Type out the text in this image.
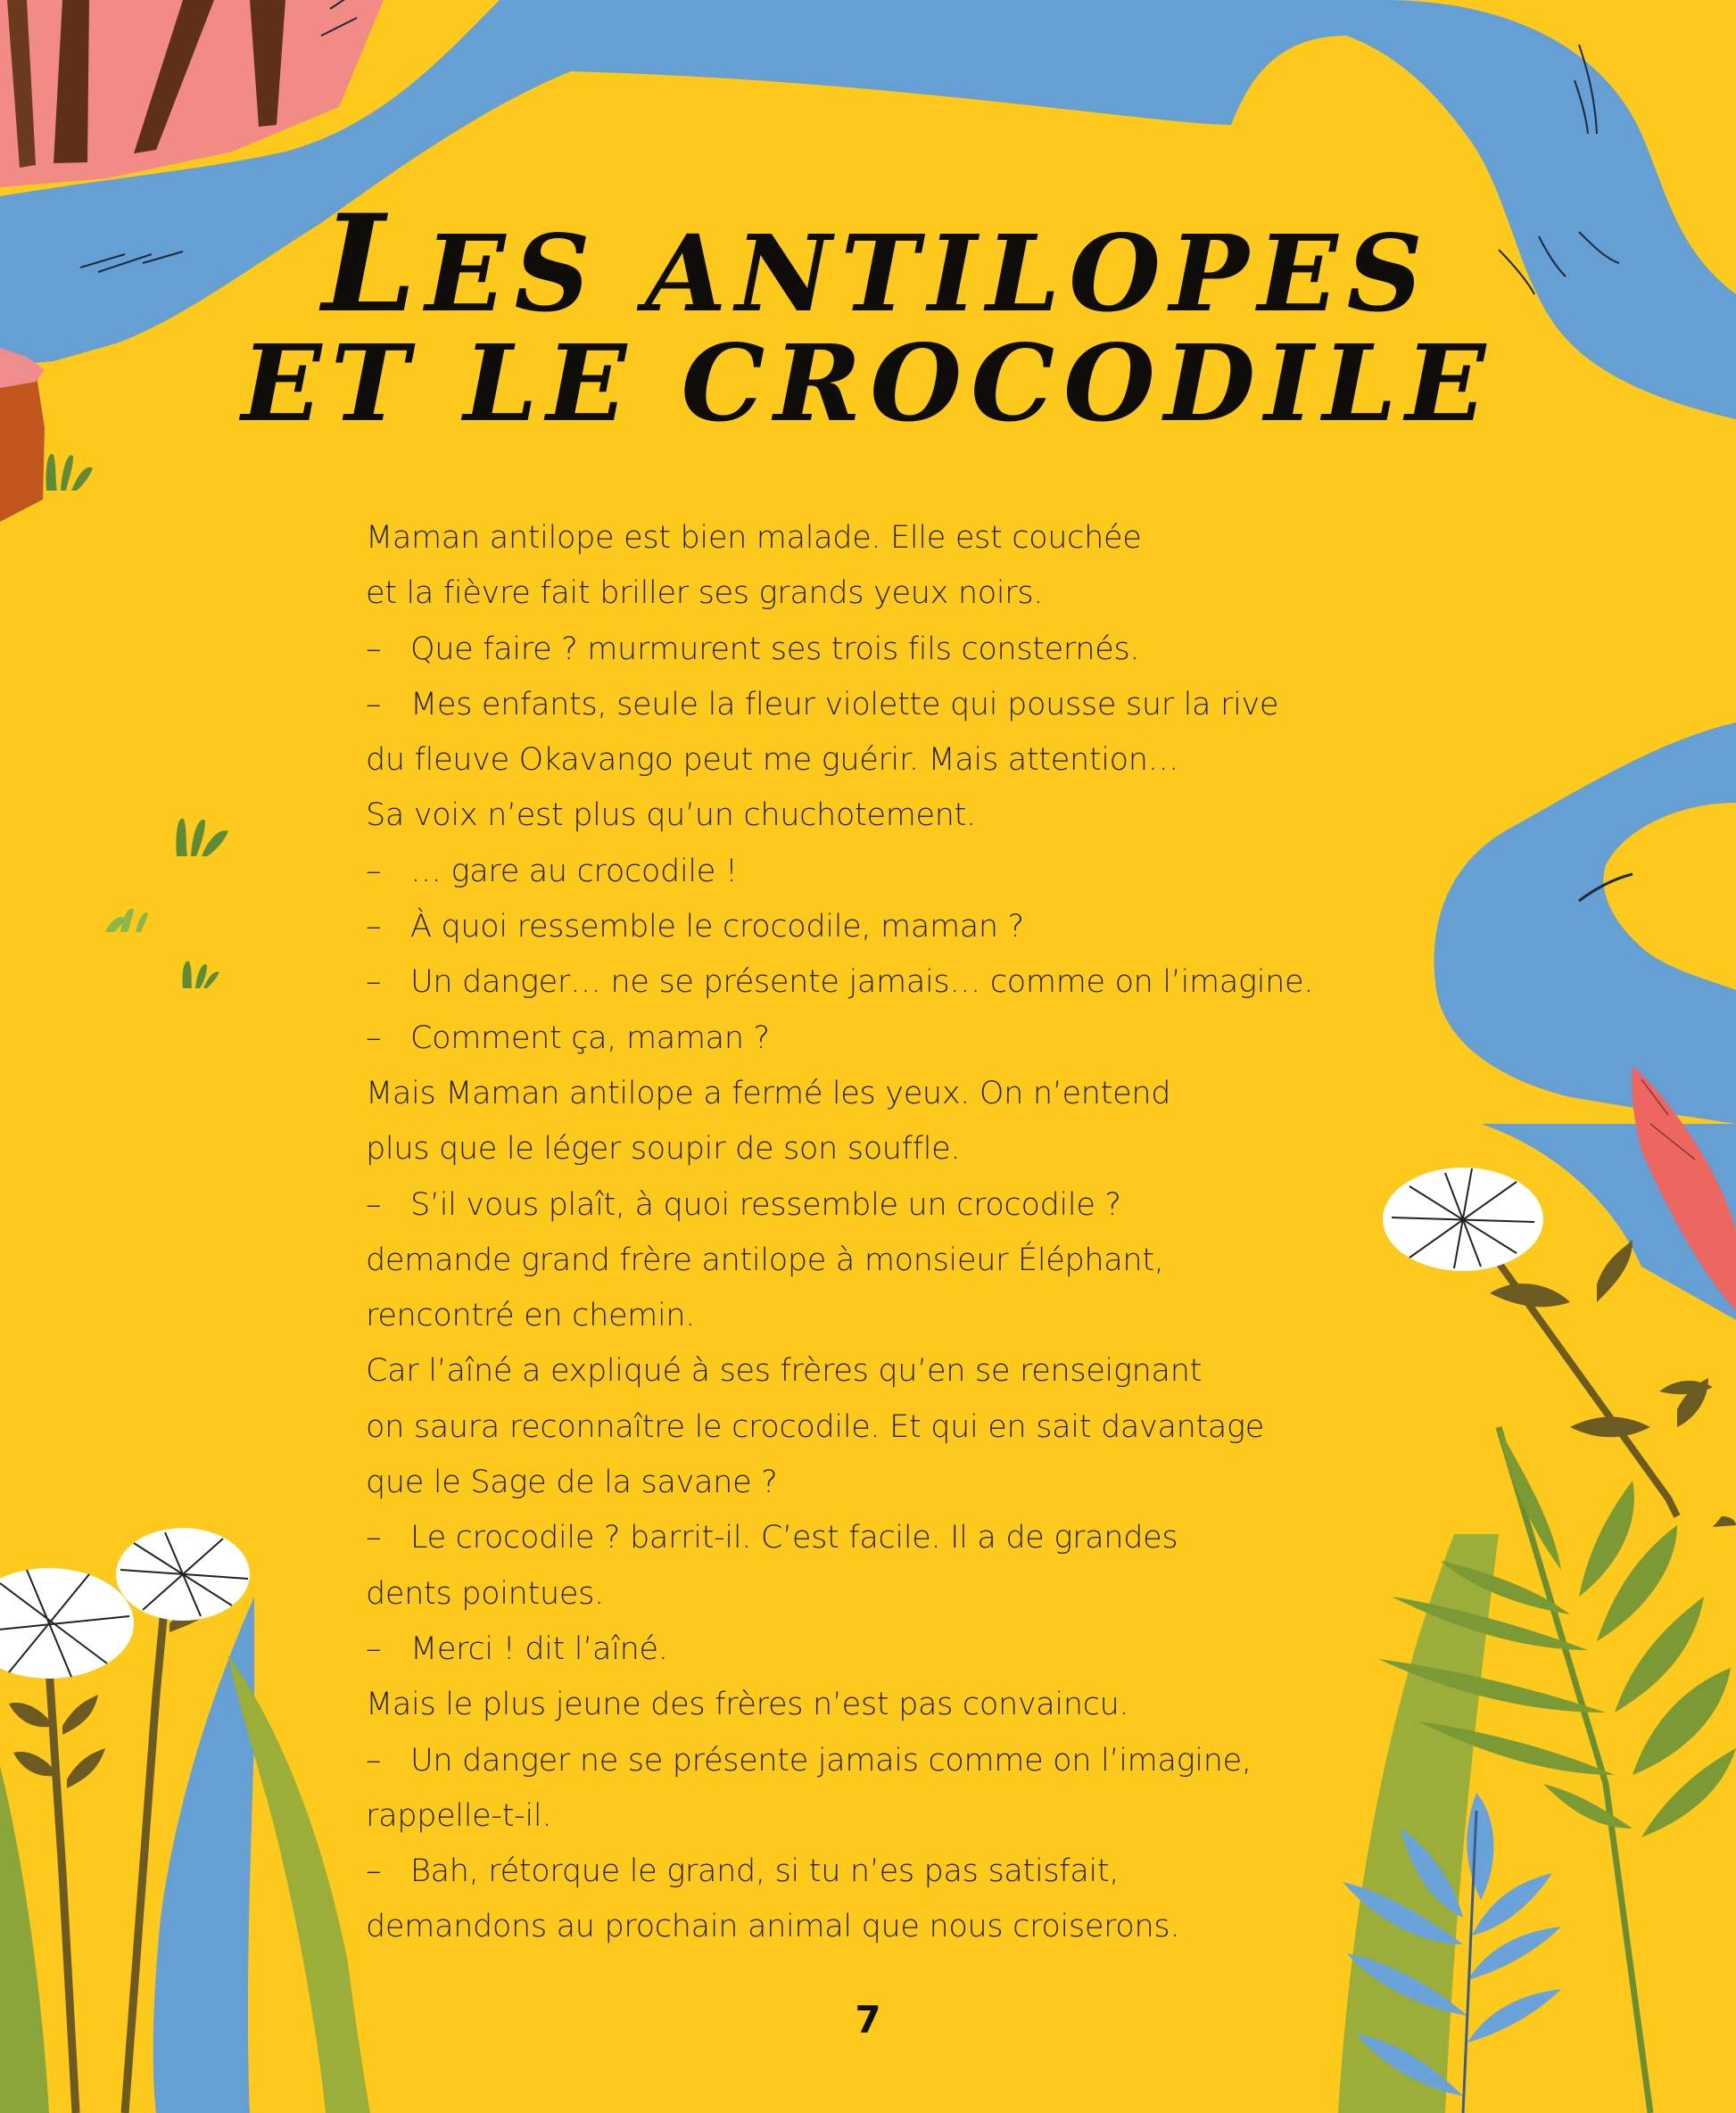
LES ANTILOPES
ET LE CROCODILE
Maman antilope est bien malade. Elle est couchée
et la fièvre fait briller ses grands yeux noirs.
– Que faire ? murmurent ses trois fils consternés.
– Mes enfants, seule la fleur violette qui pousse sur la rive
du fleuve Okavango peut me guérir. Mais attention…
Sa voix n’est plus qu’un chuchotement.
– … gare au crocodile !
– À quoi ressemble le crocodile, maman ?
– Un danger… ne se présente jamais… comme on l’imagine.
– Comment ça, maman ?
Mais Maman antilope a fermé les yeux. On n’entend
plus que le léger soupir de son souffle.
– S’il vous plaît, à quoi ressemble un crocodile ?
demande grand frère antilope à monsieur Éléphant,
rencontré en chemin.
Car l’aîné a expliqué à ses frères qu’en se renseignant
on saura reconnaître le crocodile. Et qui en sait davantage
que le Sage de la savane ?
– Le crocodile ? barrit-il. C’est facile. Il a de grandes
dents pointues.
– Merci ! dit l’aîné.
Mais le plus jeune des frères n’est pas convaincu.
– Un danger ne se présente jamais comme on l’imagine,
rappelle-t-il.
– Bah, rétorque le grand, si tu n’es pas satisfait,
demandons au prochain animal que nous croiserons.
7
